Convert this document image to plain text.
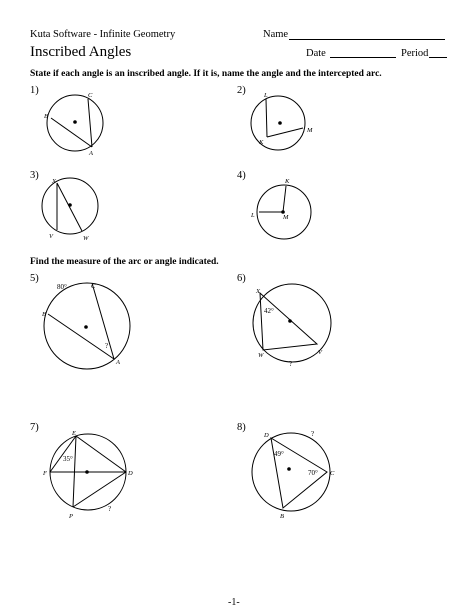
Kuta Software - Infinite Geometry	Name
Inscribed Angles	Date	Period
State if each angle is an inscribed angle. If it is, name the angle and the intercepted arc.
Find the measure of the arc or angle indicated.
1)	2)
3)	4)
5)	6)
7)	8)
B
C
A
L
M
K
X
V	W
K
L	M
B
C
A
80°
?
X
W	V
42°
?
E
F	D
P
35°
?
D
C
B
49°
70°
?
-1-
